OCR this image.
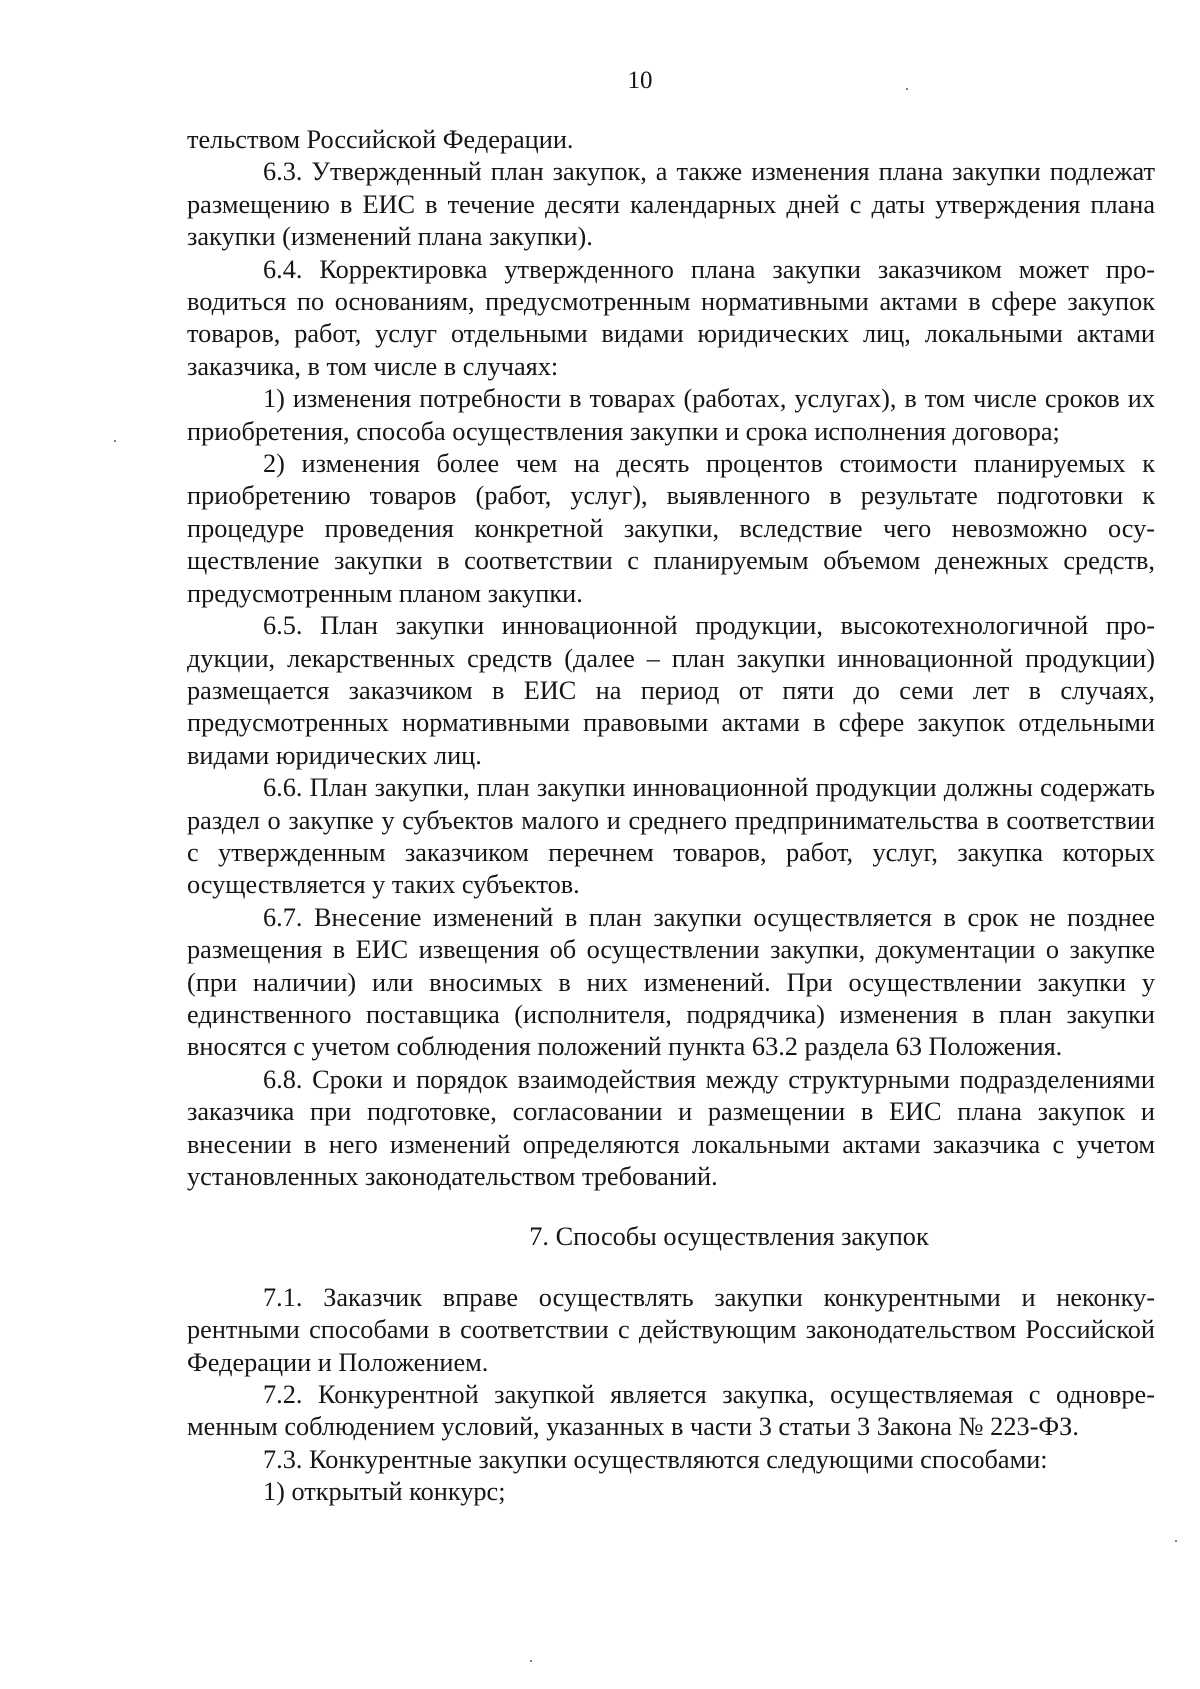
10

тельством Российской Федерации.

6.3. Утвержденный план закупок, а также изменения плана закупки подлежат размещению в ЕИС в течение десяти календарных дней с даты утверждения плана закупки (изменений плана закупки).

6.4. Корректировка утвержденного плана закупки заказчиком может проводиться по основаниям, предусмотренным нормативными актами в сфере закупок товаров, работ, услуг отдельными видами юридических лиц, локальными актами заказчика, в том числе в случаях:

1) изменения потребности в товарах (работах, услугах), в том числе сроков их приобретения, способа осуществления закупки и срока исполнения договора;

2) изменения более чем на десять процентов стоимости планируемых к приобретению товаров (работ, услуг), выявленного в результате подготовки к процедуре проведения конкретной закупки, вследствие чего невозможно осуществление закупки в соответствии с планируемым объемом денежных средств, предусмотренным планом закупки.

6.5. План закупки инновационной продукции, высокотехнологичной продукции, лекарственных средств (далее – план закупки инновационной продукции) размещается заказчиком в ЕИС на период от пяти до семи лет в случаях, предусмотренных нормативными правовыми актами в сфере закупок отдельными видами юридических лиц.

6.6. План закупки, план закупки инновационной продукции должны содержать раздел о закупке у субъектов малого и среднего предпринимательства в соответствии с утвержденным заказчиком перечнем товаров, работ, услуг, закупка которых осуществляется у таких субъектов.

6.7. Внесение изменений в план закупки осуществляется в срок не позднее размещения в ЕИС извещения об осуществлении закупки, документации о закупке (при наличии) или вносимых в них изменений. При осуществлении закупки у единственного поставщика (исполнителя, подрядчика) изменения в план закупки вносятся с учетом соблюдения положений пункта 63.2 раздела 63 Положения.

6.8. Сроки и порядок взаимодействия между структурными подразделениями заказчика при подготовке, согласовании и размещении в ЕИС плана закупок и внесении в него изменений определяются локальными актами заказчика с учетом установленных законодательством требований.

7. Способы осуществления закупок

7.1. Заказчик вправе осуществлять закупки конкурентными и неконкурентными способами в соответствии с действующим законодательством Российской Федерации и Положением.

7.2. Конкурентной закупкой является закупка, осуществляемая с одновременным соблюдением условий, указанных в части 3 статьи 3 Закона № 223-ФЗ.

7.3. Конкурентные закупки осуществляются следующими способами:

1) открытый конкурс;
